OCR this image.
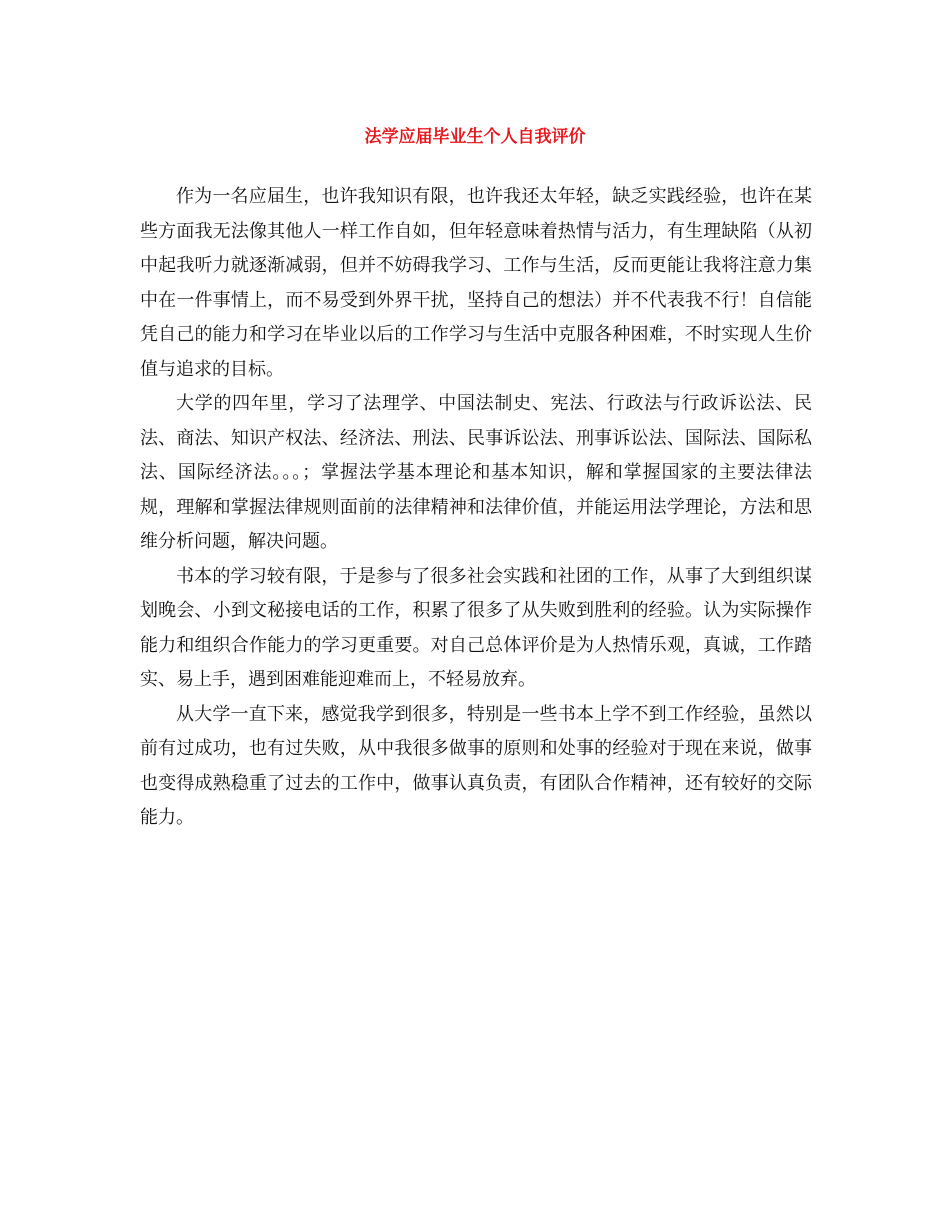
法学应届毕业生个人自我评价

作为一名应届生，也许我知识有限，也许我还太年轻，缺乏实践经验，也许在某些方面我无法像其他人一样工作自如，但年轻意味着热情与活力，有生理缺陷（从初中起我听力就逐渐减弱，但并不妨碍我学习、工作与生活，反而更能让我将注意力集中在一件事情上，而不易受到外界干扰，坚持自己的想法）并不代表我不行！自信能凭自己的能力和学习在毕业以后的工作学习与生活中克服各种困难，不时实现人生价值与追求的目标。

大学的四年里，学习了法理学、中国法制史、宪法、行政法与行政诉讼法、民法、商法、知识产权法、经济法、刑法、民事诉讼法、刑事诉讼法、国际法、国际私法、国际经济法。。。；掌握法学基本理论和基本知识，解和掌握国家的主要法律法规，理解和掌握法律规则面前的法律精神和法律价值，并能运用法学理论，方法和思维分析问题，解决问题。

书本的学习较有限，于是参与了很多社会实践和社团的工作，从事了大到组织谋划晚会、小到文秘接电话的工作，积累了很多了从失败到胜利的经验。认为实际操作能力和组织合作能力的学习更重要。对自己总体评价是为人热情乐观，真诚，工作踏实、易上手，遇到困难能迎难而上，不轻易放弃。

从大学一直下来，感觉我学到很多，特别是一些书本上学不到工作经验，虽然以前有过成功，也有过失败，从中我很多做事的原则和处事的经验对于现在来说，做事也变得成熟稳重了过去的工作中，做事认真负责，有团队合作精神，还有较好的交际能力。
